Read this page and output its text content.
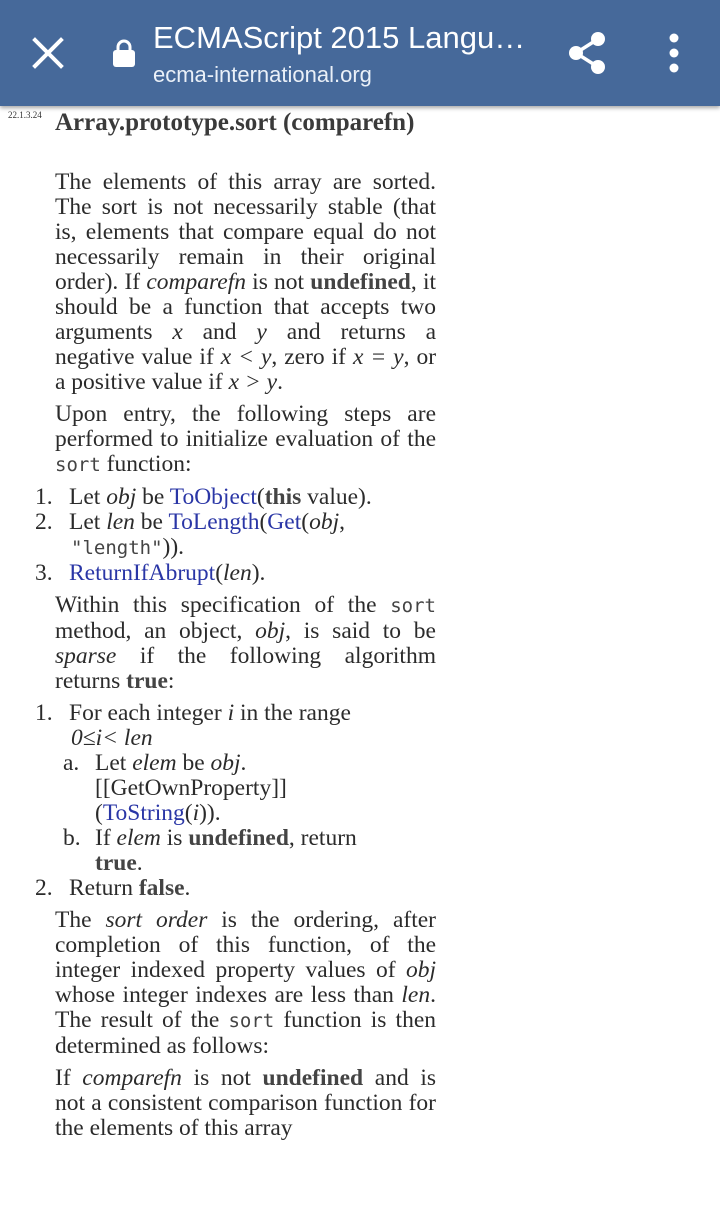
ECMAScript 2015 Langu…
ecma-international.org
22.1.3.24 Array.prototype.sort (comparefn)

The elements of this array are sorted. The sort is not necessarily stable (that is, elements that compare equal do not necessarily remain in their original order). If comparefn is not undefined, it should be a function that accepts two arguments x and y and returns a negative value if x < y, zero if x = y, or a positive value if x > y.

Upon entry, the following steps are performed to initialize evaluation of the sort function:

1. Let obj be ToObject(this value).
2. Let len be ToLength(Get(obj,

"length")).
3. ReturnIfAbrupt(len).

Within this specification of the sort method, an object, obj, is said to be sparse if the following algorithm returns true:

1. For each integer i in the range

0≤i< len
a. Let elem be obj.
[[GetOwnProperty]]
(ToString(i)).
b. If elem is undefined, return
true.
2. Return false.

The sort order is the ordering, after completion of this function, of the integer indexed property values of obj whose integer indexes are less than len. The result of the sort function is then determined as follows:

If comparefn is not undefined and is not a consistent comparison function for the elements of this array
